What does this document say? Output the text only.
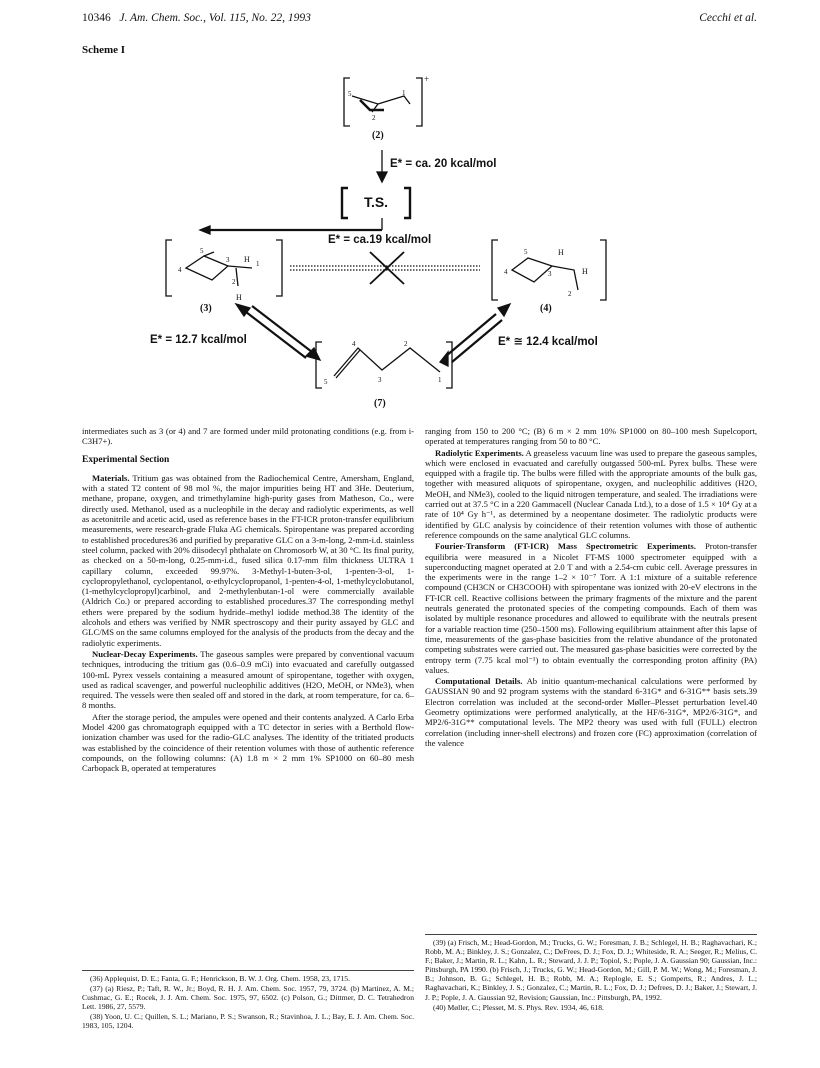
10346 J. Am. Chem. Soc., Vol. 115, No. 22, 1993	Cecchi et al.
Scheme I
5	1
2
+
4
5
3 H 1
2
H
4
5	H
3	H
2
5
4
3
2
1
(2)
E* = ca. 20 kcal/mol
T.S.
E* = ca.19 kcal/mol
(3)	(4)
E* = 12.7 kcal/mol	E* ≅ 12.4 kcal/mol
(7)

intermediates such as 3 (or 4) and 7 are formed under mild protonating conditions (e.g. from i-C3H7+).

Experimental Section

Materials. Tritium gas was obtained from the Radiochemical Centre, Amersham, England, with a stated T2 content of 98 mol %, the major impurities being HT and 3He. Deuterium, methane, propane, oxygen, and trimethylamine high-purity gases from Matheson, Co., were directly used. Methanol, used as a nucleophile in the decay and radiolytic experiments, as well as acetonitrile and acetic acid, used as reference bases in the FT-ICR proton-transfer equilibrium measurements, were research-grade Fluka AG chemicals. Spiropentane was prepared according to established procedures36 and purified by preparative GLC on a 3-m-long, 2-mm-i.d. stainless steel column, packed with 20% diisodecyl phthalate on Chromosorb W, at 30 °C. Its final purity, as checked on a 50-m-long, 0.25-mm-i.d., fused silica 0.17-mm film thickness ULTRA 1 capillary column, exceeded 99.97%. 3-Methyl-1-buten-3-ol, 1-penten-3-ol, 1-cyclopropylethanol, cyclopentanol, α-ethylcyclopropanol, 1-penten-4-ol, 1-methylcyclobutanol, (1-methylcyclopropyl)carbinol, and 2-methylenbutan-1-ol were commercially available (Aldrich Co.) or prepared according to established procedures.37 The corresponding methyl ethers were prepared by the sodium hydride–methyl iodide method.38 The identity of the alcohols and ethers was verified by NMR spectroscopy and their purity assayed by GLC and GLC/MS on the same columns employed for the analysis of the products from the decay and the radiolytic experiments.

Nuclear-Decay Experiments. The gaseous samples were prepared by conventional vacuum techniques, introducing the tritium gas (0.6–0.9 mCi) into evacuated and carefully outgassed 100-mL Pyrex vessels containing a measured amount of spiropentane, together with oxygen, used as radical scavenger, and powerful nucleophilic additives (H2O, MeOH, or NMe3), when required. The vessels were then sealed off and stored in the dark, at room temperature, for ca. 6–8 months.

After the storage period, the ampules were opened and their contents analyzed. A Carlo Erba Model 4200 gas chromatograph equipped with a TC detector in series with a Berthold flow-ionization chamber was used for the radio-GLC analyses. The identity of the tritiated products was established by the coincidence of their retention volumes with those of authentic reference compounds, on the following columns: (A) 1.8 m × 2 mm 1% SP1000 on 60–80 mesh Carbopack B, operated at temperatures

(36) Applequist, D. E.; Fanta, G. F.; Henrickson, B. W. J. Org. Chem. 1958, 23, 1715.

(37) (a) Riesz, P.; Taft, R. W., Jr.; Boyd, R. H. J. Am. Chem. Soc. 1957, 79, 3724. (b) Martinez, A. M.; Cushmac, G. E.; Rocek, J. J. Am. Chem. Soc. 1975, 97, 6502. (c) Polson, G.; Dittmer, D. C. Tetrahedron Lett. 1986, 27, 5579.

(38) Yoon, U. C.; Quillen, S. L.; Mariano, P. S.; Swanson, R.; Stavinhoa, J. L.; Bay, E. J. Am. Chem. Soc. 1983, 105, 1204.

ranging from 150 to 200 °C; (B) 6 m × 2 mm 10% SP1000 on 80–100 mesh Supelcoport, operated at temperatures ranging from 50 to 80 °C.

Radiolytic Experiments. A greaseless vacuum line was used to prepare the gaseous samples, which were enclosed in evacuated and carefully outgassed 500-mL Pyrex bulbs. These were equipped with a fragile tip. The bulbs were filled with the appropriate amounts of the bulk gas, together with measured aliquots of spiropentane, oxygen, and nucleophilic additives (H2O, MeOH, and NMe3), cooled to the liquid nitrogen temperature, and sealed. The irradiations were carried out at 37.5 °C in a 220 Gammacell (Nuclear Canada Ltd.), to a dose of 1.5 × 10⁴ Gy at a rate of 10⁴ Gy h⁻¹, as determined by a neopentane dosimeter. The radiolytic products were identified by GLC analysis by coincidence of their retention volumes with those of authentic reference compounds on the same analytical GLC columns.

Fourier-Transform (FT-ICR) Mass Spectrometric Experiments. Proton-transfer equilibria were measured in a Nicolet FT-MS 1000 spectrometer equipped with a superconducting magnet operated at 2.0 T and with a 2.54-cm cubic cell. Average pressures in the experiments were in the range 1–2 × 10⁻⁷ Torr. A 1:1 mixture of a suitable reference compound (CH3CN or CH3COOH) with spiropentane was ionized with 20-eV electrons in the FT-ICR cell. Reactive collisions between the primary fragments of the mixture and the parent neutrals generated the protonated species of the competing compounds. Each of them was isolated by multiple resonance procedures and allowed to equilibrate with the neutrals present for a variable reaction time (250–1500 ms). Following equilibrium attainment after this lapse of time, measurements of the gas-phase basicities from the relative abundance of the protonated competing substrates were carried out. The measured gas-phase basicities were corrected by the entropy term (7.75 kcal mol⁻¹) to obtain eventually the corresponding proton affinity (PA) values.

Computational Details. Ab initio quantum-mechanical calculations were performed by GAUSSIAN 90 and 92 program systems with the standard 6-31G* and 6-31G** basis sets.39 Electron correlation was included at the second-order Møller–Plesset perturbation level.40 Geometry optimizations were performed analytically, at the HF/6-31G*, MP2/6-31G*, and MP2/6-31G** computational levels. The MP2 theory was used with full (FULL) electron correlation (including inner-shell electrons) and frozen core (FC) approximation (correlation of the valence

(39) (a) Frisch, M.; Head-Gordon, M.; Trucks, G. W.; Foresman, J. B.; Schlegel, H. B.; Raghavachari, K.; Robb, M. A.; Binkley, J. S.; Gonzalez, C.; DeFrees, D. J.; Fox, D. J.; Whiteside, R. A.; Seeger, R.; Melius, C. F.; Baker, J.; Martin, R. L.; Kahn, L. R.; Steward, J. J. P.; Topiol, S.; Pople, J. A. Gaussian 90; Gaussian, Inc.: Pittsburgh, PA 1990. (b) Frisch, J.; Trucks, G. W.; Head-Gordon, M.; Gill, P. M. W.; Wong, M.; Foresman, J. B.; Johnson, B. G.; Schlegel, H. B.; Robb, M. A.; Replogle, E. S.; Gomperts, R.; Andres, J. L.; Raghavachari, K.; Binkley, J. S.; Gonzalez, C.; Martin, R. L.; Fox, D. J.; Defrees, D. J.; Baker, J.; Stewart, J. J. P.; Pople, J. A. Gaussian 92, Revision; Gaussian, Inc.: Pittsburgh, PA, 1992.

(40) Møller, C.; Plesset, M. S. Phys. Rev. 1934, 46, 618.
